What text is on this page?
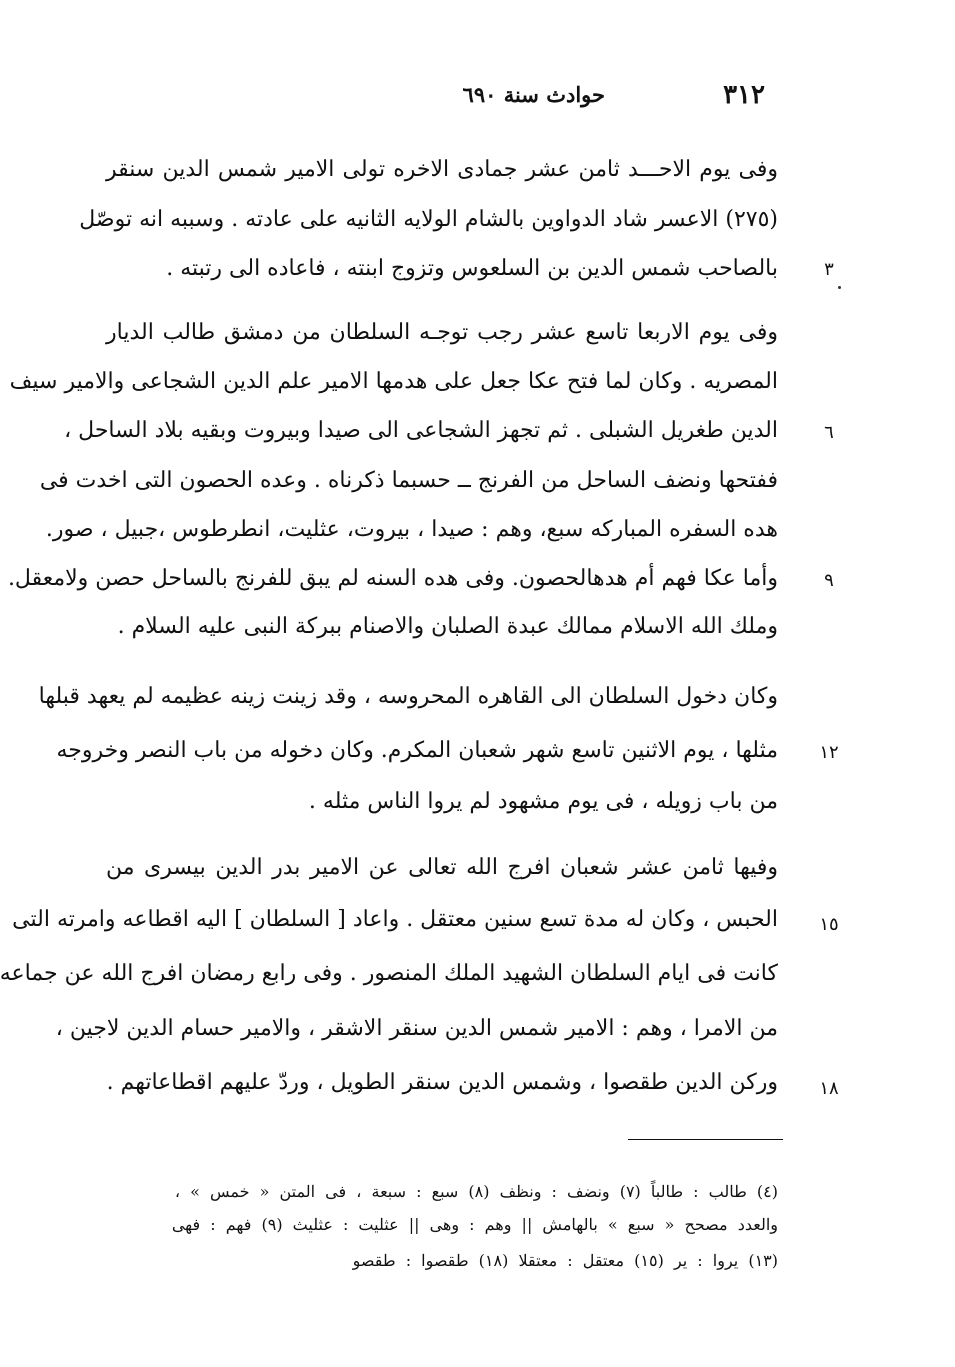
٣١٢
حوادث سنة ٦٩٠
وفى يوم الاحـــد ثامن عشر جمادى الاخره تولى الامير شمس الدين سنقر
(٢٧٥) الاعسر شاد الدواوين بالشام الولايه الثانيه على عادته . وسببه انه توصّل
بالصاحب شمس الدين بن السلعوس وتزوج ابنته ، فاعاده الى رتبته .
وفى يوم الاربعا تاسع عشر رجب توجـه السلطان من دمشق طالب الديار
المصريه . وكان لما فتح عكا جعل على هدمها الامير علم الدين الشجاعى والامير سيف
الدين طغريل الشبلى . ثم تجهز الشجاعى الى صيدا وبيروت وبقيه بلاد الساحل ،
ففتحها ونضف الساحل من الفرنج ــ حسبما ذكرناه . وعده الحصون التى اخدت فى
هده السفره المباركه سبع، وهم : صيدا ، بيروت، عثليت، انطرطوس ،جبيل ، صور.
وأما عكا فهم أم هدهالحصون. وفى هده السنه لم يبق للفرنج بالساحل حصن ولامعقل.
وملك الله الاسلام ممالك عبدة الصلبان والاصنام ببركة النبى عليه السلام .
وكان دخول السلطان الى القاهره المحروسه ، وقد زينت زينه عظيمه لم يعهد قبلها
مثلها ، يوم الاثنين تاسع شهر شعبان المكرم. وكان دخوله من باب النصر وخروجه
من باب زويله ، فى يوم مشهود لم يروا الناس مثله .
وفيها ثامن عشر شعبان افرج الله تعالى عن الامير بدر الدين بيسرى من
الحبس ، وكان له مدة تسع سنين معتقل . واعاد [ السلطان ] اليه اقطاعه وامرته التى
كانت فى ايام السلطان الشهيد الملك المنصور . وفى رابع رمضان افرج الله عن جماعه
من الامرا ، وهم : الامير شمس الدين سنقر الاشقر ، والامير حسام الدين لاجين ،
وركن الدين طقصوا ، وشمس الدين سنقر الطويل ، وردّ عليهم اقطاعاتهم .
٣
٦
٩
١٢
١٥
١٨
(٤) طالب : طالباً (٧) ونضف : ونظف (٨) سبع : سبعة ، فى المتن « خمس » ،
والعدد مصحح « سبع » بالهامش || وهم : وهى || عثليت : عثليث (٩) فهم : فهى
(١٣) يروا : ير (١٥) معتقل : معتقلا (١٨) طقصوا : طقصو
